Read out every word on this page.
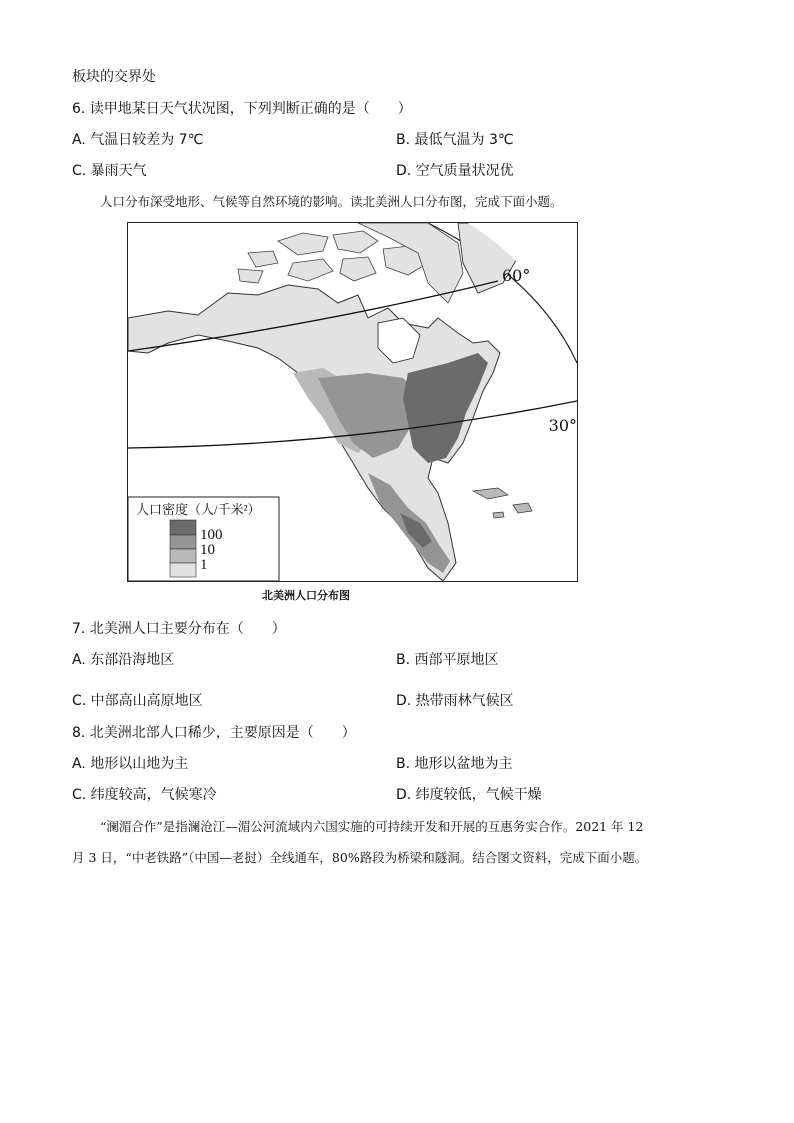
板块的交界处
6. 读甲地某日天气状况图，下列判断正确的是（　　）
A. 气温日较差为 7℃	B. 最低气温为 3℃
C. 暴雨天气	D. 空气质量状况优
人口分布深受地形、气候等自然环境的影响。读北美洲人口分布图，完成下面小题。
60°
30°
人口密度（人/千米²）
100
10
1
北美洲人口分布图
7. 北美洲人口主要分布在（　　）
A. 东部沿海地区	B. 西部平原地区
C. 中部高山高原地区	D. 热带雨林气候区
8. 北美洲北部人口稀少，主要原因是（　　）
A. 地形以山地为主	B. 地形以盆地为主
C. 纬度较高，气候寒冷	D. 纬度较低，气候干燥
“澜湄合作”是指澜沧江—湄公河流域内六国实施的可持续开发和开展的互惠务实合作。2021 年 12
月 3 日，“中老铁路”（中国—老挝）全线通车，80%路段为桥梁和隧洞。结合图文资料，完成下面小题。
